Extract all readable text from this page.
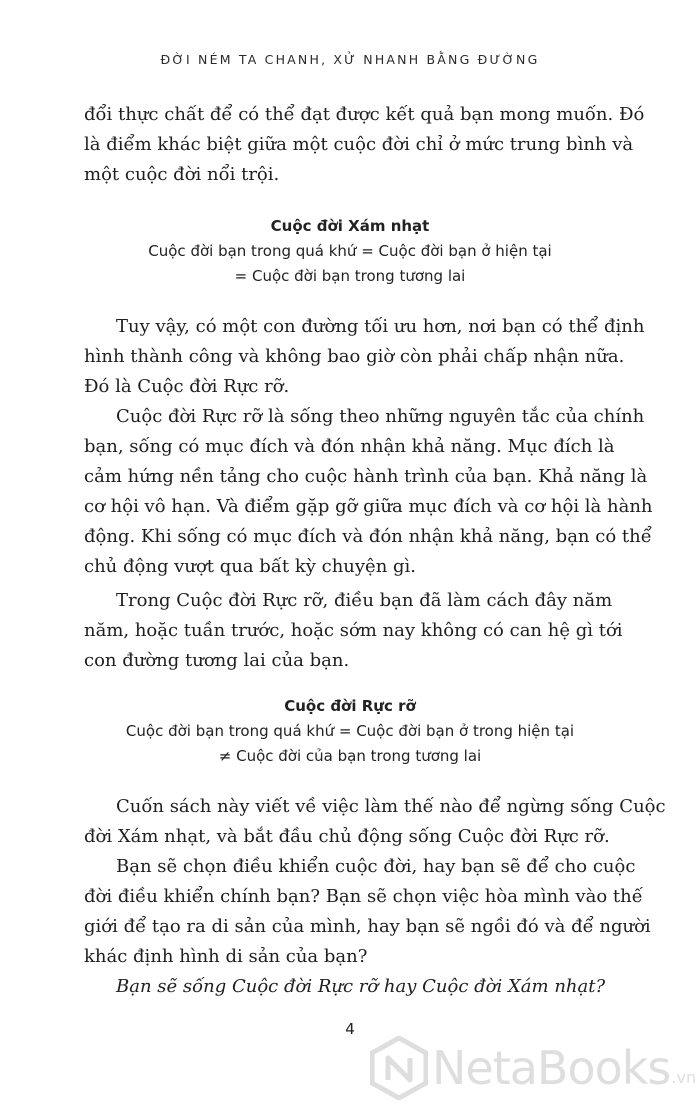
ĐỜI NÉM TA CHANH, XỬ NHANH BẰNG ĐƯỜNG
đổi thực chất để có thể đạt được kết quả bạn mong muốn. Đó
là điểm khác biệt giữa một cuộc đời chỉ ở mức trung bình và
một cuộc đời nổi trội.
Cuộc đời Xám nhạt
Cuộc đời bạn trong quá khứ = Cuộc đời bạn ở hiện tại
= Cuộc đời bạn trong tương lai
Tuy vậy, có một con đường tối ưu hơn, nơi bạn có thể định
hình thành công và không bao giờ còn phải chấp nhận nữa.
Đó là Cuộc đời Rực rỡ.
Cuộc đời Rực rỡ là sống theo những nguyên tắc của chính
bạn, sống có mục đích và đón nhận khả năng. Mục đích là
cảm hứng nền tảng cho cuộc hành trình của bạn. Khả năng là
cơ hội vô hạn. Và điểm gặp gỡ giữa mục đích và cơ hội là hành
động. Khi sống có mục đích và đón nhận khả năng, bạn có thể
chủ động vượt qua bất kỳ chuyện gì.
Trong Cuộc đời Rực rỡ, điều bạn đã làm cách đây năm
năm, hoặc tuần trước, hoặc sớm nay không có can hệ gì tới
con đường tương lai của bạn.
Cuộc đời Rực rỡ
Cuộc đời bạn trong quá khứ = Cuộc đời bạn ở trong hiện tại
≠ Cuộc đời của bạn trong tương lai
Cuốn sách này viết về việc làm thế nào để ngừng sống Cuộc
đời Xám nhạt, và bắt đầu chủ động sống Cuộc đời Rực rỡ.
Bạn sẽ chọn điều khiển cuộc đời, hay bạn sẽ để cho cuộc
đời điều khiển chính bạn? Bạn sẽ chọn việc hòa mình vào thế
giới để tạo ra di sản của mình, hay bạn sẽ ngồi đó và để người
khác định hình di sản của bạn?
Bạn sẽ sống Cuộc đời Rực rỡ hay Cuộc đời Xám nhạt?
4
NetaBooks .vn
